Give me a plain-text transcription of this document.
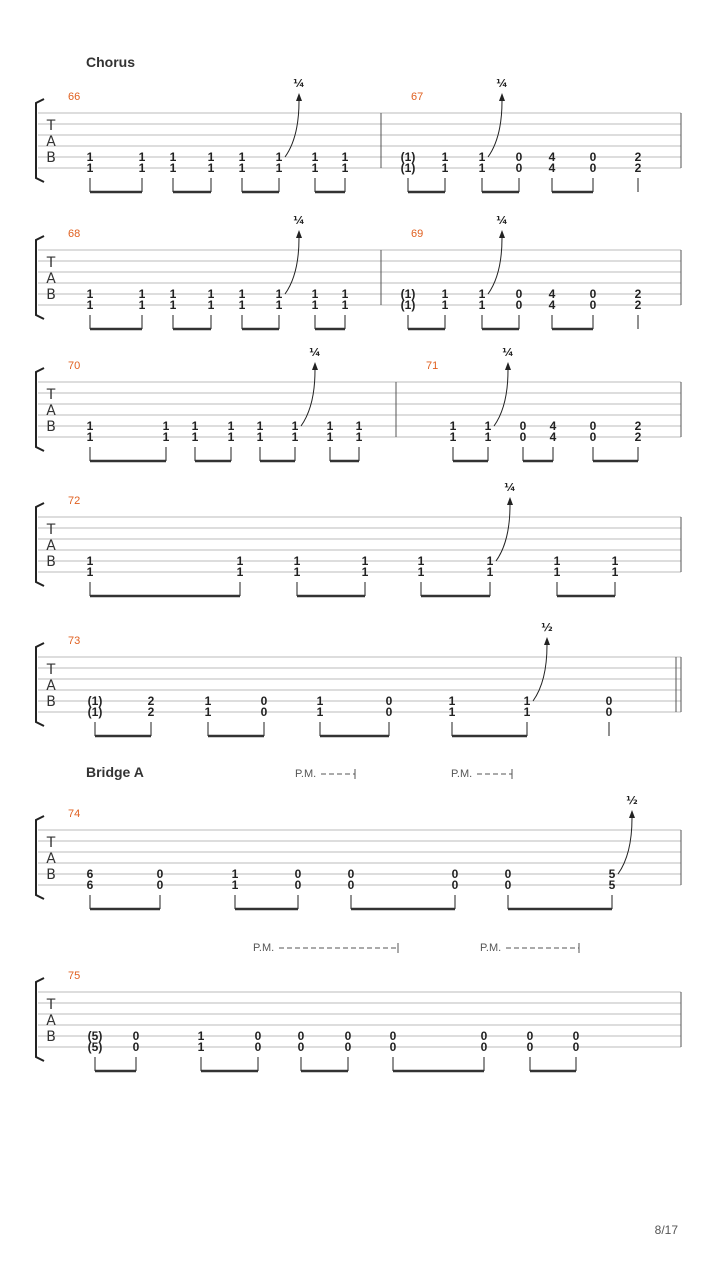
Chorus
Bridge A
8/17
T
A
B
66
1
1
1
1
1
1
1
1
1
1
1
1
1
1
1
1
¼
67
(1)
(1)
1
1
1
1
0
0
4
4
0
0
2
2
¼
T
A
B
68
1
1
1
1
1
1
1
1
1
1
1
1
1
1
1
1
¼
69
(1)
(1)
1
1
1
1
0
0
4
4
0
0
2
2
¼
T
A
B
70
1
1
1
1
1
1
1
1
1
1
1
1
1
1
1
1
¼
71
1
1
1
1
0
0
4
4
0
0
2
2
¼
T
A
B
72
1
1
1
1
1
1
1
1
1
1
1
1
1
1
1
1
¼
T
A
B
73
(1)
(1)
2
2
1
1
0
0
1
1
0
0
1
1
1
1
0
0
½
T
A
B
74
6
6
0
0
1
1
0
0
0
0
0
0
0
0
5
5
½
T
A
B
75
(5)
(5)
0
0
1
1
0
0
0
0
0
0
0
0
0
0
0
0
0
0
P.M.	P.M.
P.M.	P.M.
